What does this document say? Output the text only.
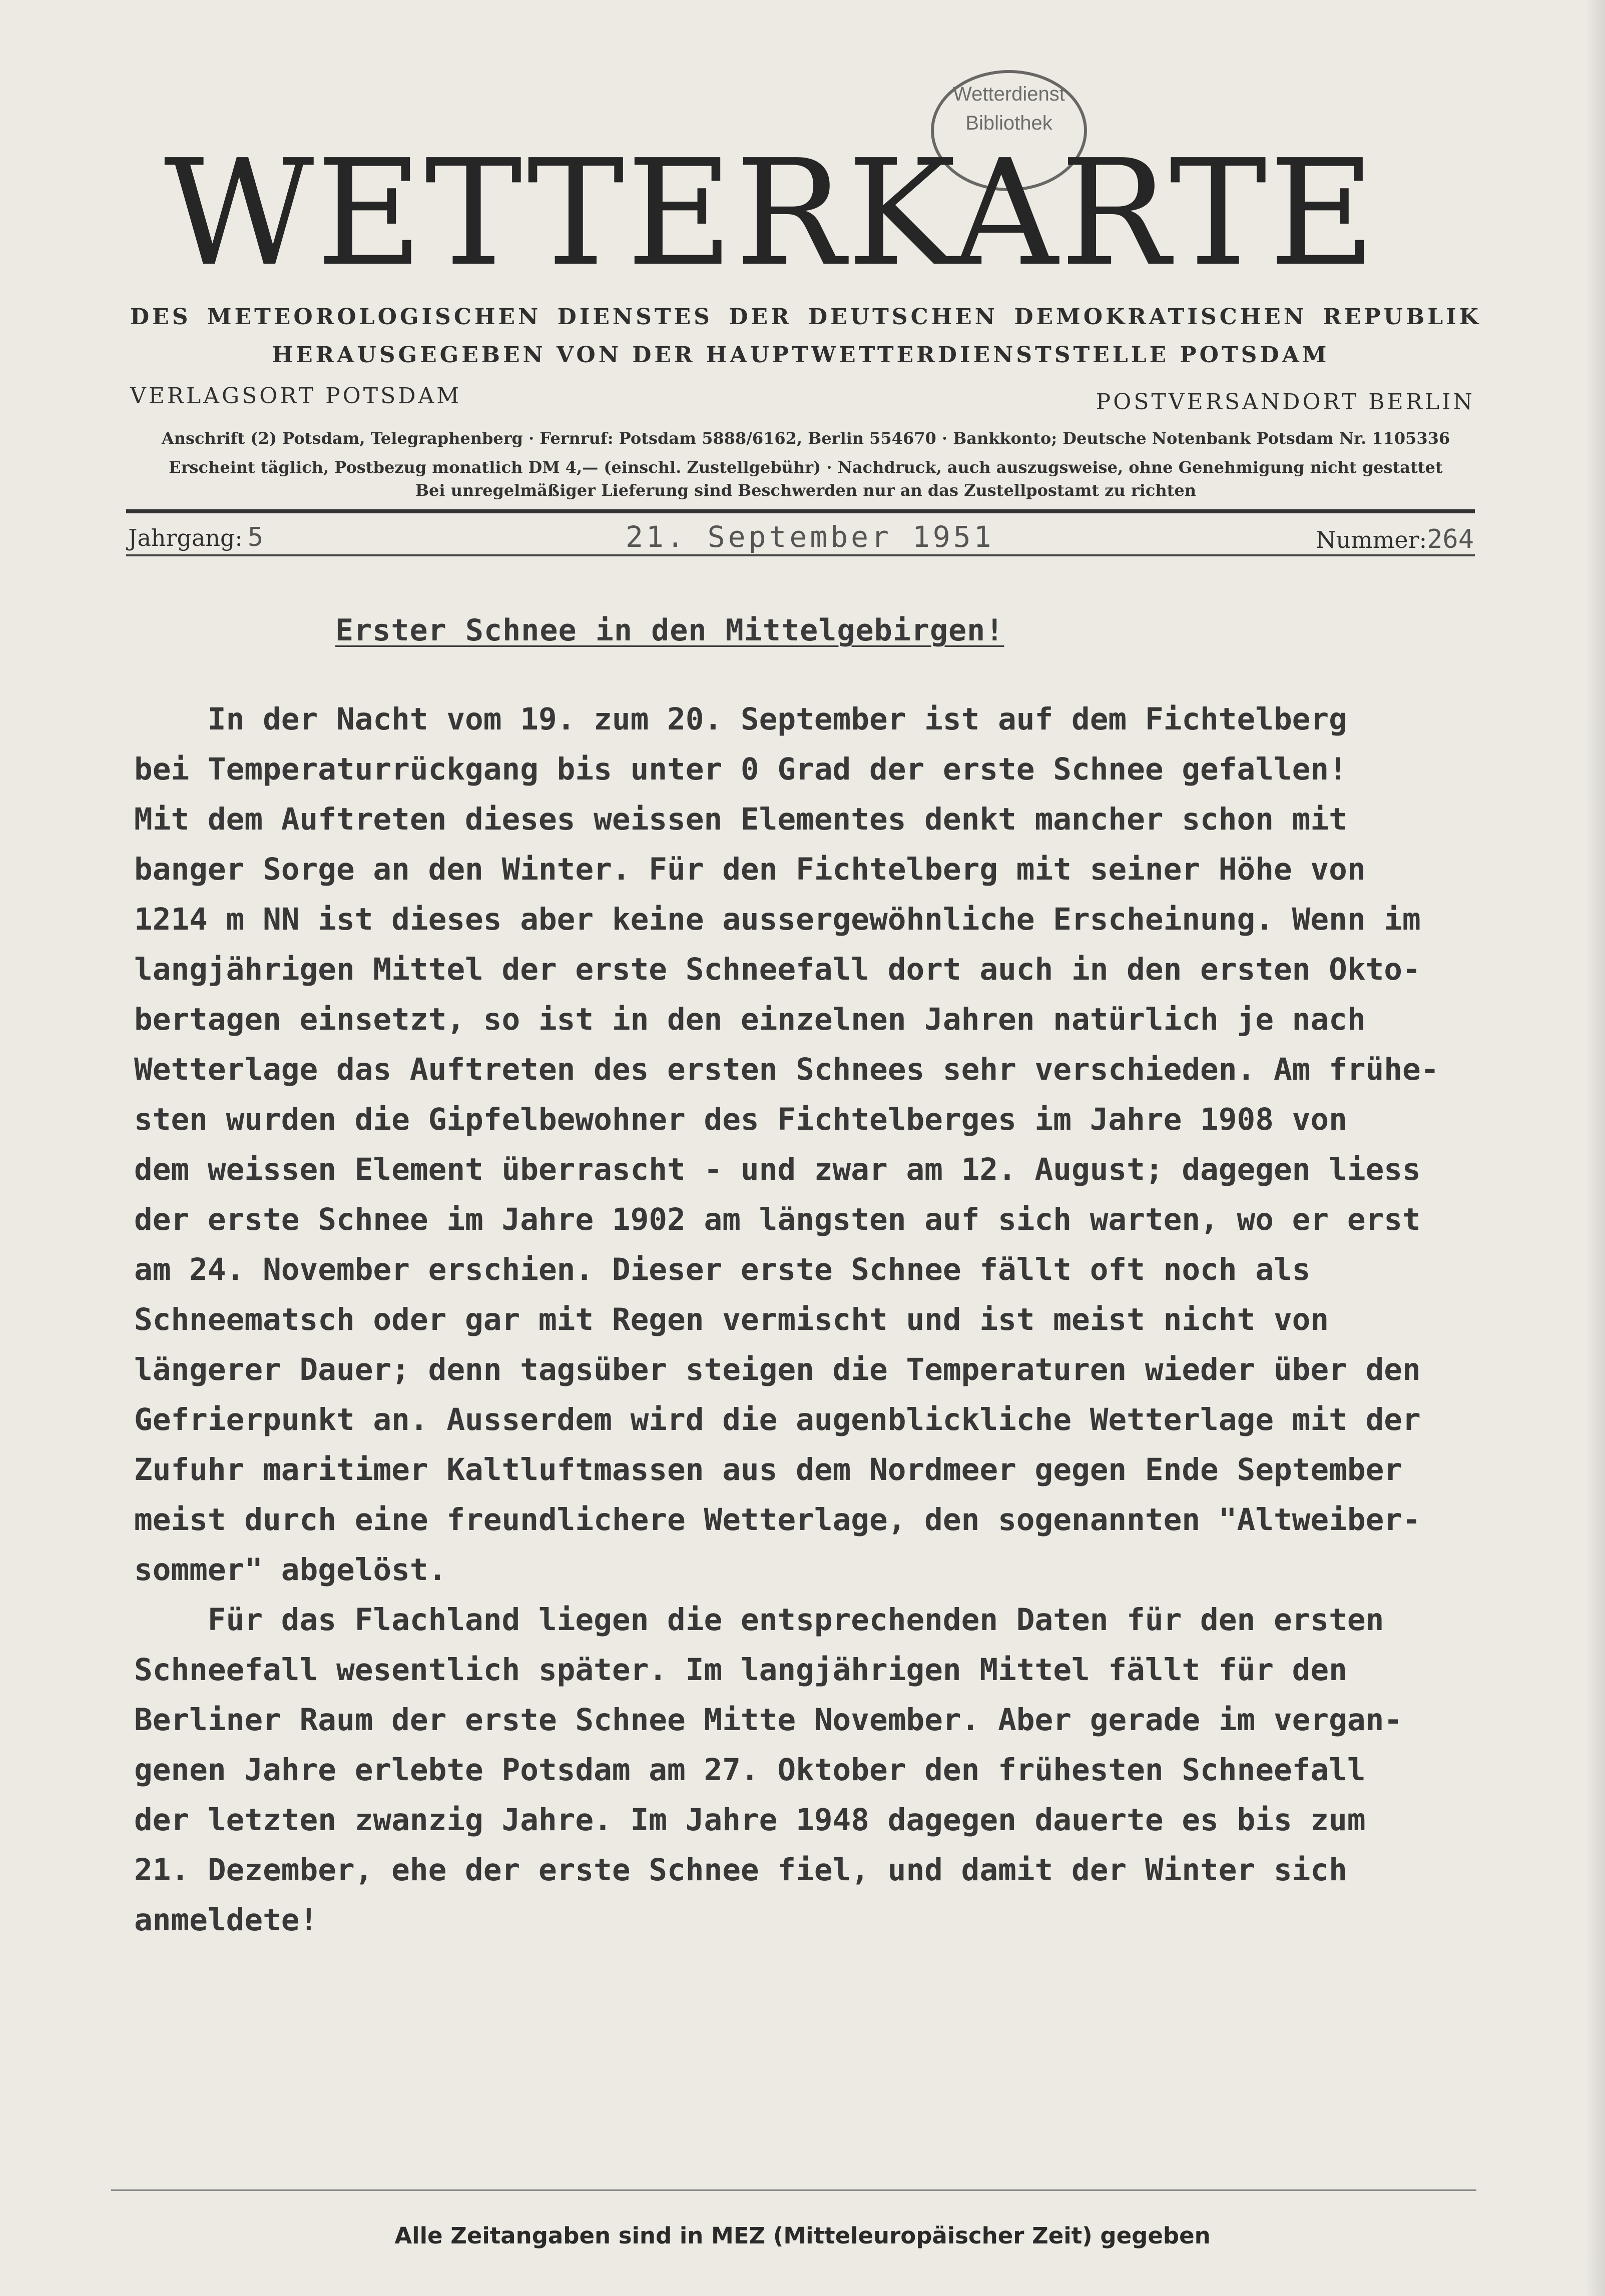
Wetterdienst
Bibliothek
WETTERKARTE
DES METEOROLOGISCHEN DIENSTES DER DEUTSCHEN DEMOKRATISCHEN REPUBLIK
HERAUSGEGEBEN VON DER HAUPTWETTERDIENSTSTELLE POTSDAM
VERLAGSORT POTSDAM	POSTVERSANDORT BERLIN
Anschrift (2) Potsdam, Telegraphenberg · Fernruf: Potsdam 5888/6162, Berlin 554670 · Bankkonto; Deutsche Notenbank Potsdam Nr. 1105336
Erscheint täglich, Postbezug monatlich DM 4,— (einschl. Zustellgebühr) · Nachdruck, auch auszugsweise, ohne Genehmigung nicht gestattet
Bei unregelmäßiger Lieferung sind Beschwerden nur an das Zustellpostamt zu richten
Jahrgang: 5	21. September 1951	Nummer:264
Erster Schnee in den Mittelgebirgen!
In der Nacht vom 19. zum 20. September ist auf dem Fichtelberg
bei Temperaturrückgang bis unter 0 Grad der erste Schnee gefallen!
Mit dem Auftreten dieses weissen Elementes denkt mancher schon mit
banger Sorge an den Winter. Für den Fichtelberg mit seiner Höhe von
1214 m NN ist dieses aber keine aussergewöhnliche Erscheinung. Wenn im
langjährigen Mittel der erste Schneefall dort auch in den ersten Okto-
bertagen einsetzt, so ist in den einzelnen Jahren natürlich je nach
Wetterlage das Auftreten des ersten Schnees sehr verschieden. Am frühe-
sten wurden die Gipfelbewohner des Fichtelberges im Jahre 1908 von
dem weissen Element überrascht - und zwar am 12. August; dagegen liess
der erste Schnee im Jahre 1902 am längsten auf sich warten, wo er erst
am 24. November erschien. Dieser erste Schnee fällt oft noch als
Schneematsch oder gar mit Regen vermischt und ist meist nicht von
längerer Dauer; denn tagsüber steigen die Temperaturen wieder über den
Gefrierpunkt an. Ausserdem wird die augenblickliche Wetterlage mit der
Zufuhr maritimer Kaltluftmassen aus dem Nordmeer gegen Ende September
meist durch eine freundlichere Wetterlage, den sogenannten "Altweiber-
sommer" abgelöst.
Für das Flachland liegen die entsprechenden Daten für den ersten
Schneefall wesentlich später. Im langjährigen Mittel fällt für den
Berliner Raum der erste Schnee Mitte November. Aber gerade im vergan-
genen Jahre erlebte Potsdam am 27. Oktober den frühesten Schneefall
der letzten zwanzig Jahre. Im Jahre 1948 dagegen dauerte es bis zum
21. Dezember, ehe der erste Schnee fiel, und damit der Winter sich
anmeldete!
Alle Zeitangaben sind in MEZ (Mitteleuropäischer Zeit) gegeben
